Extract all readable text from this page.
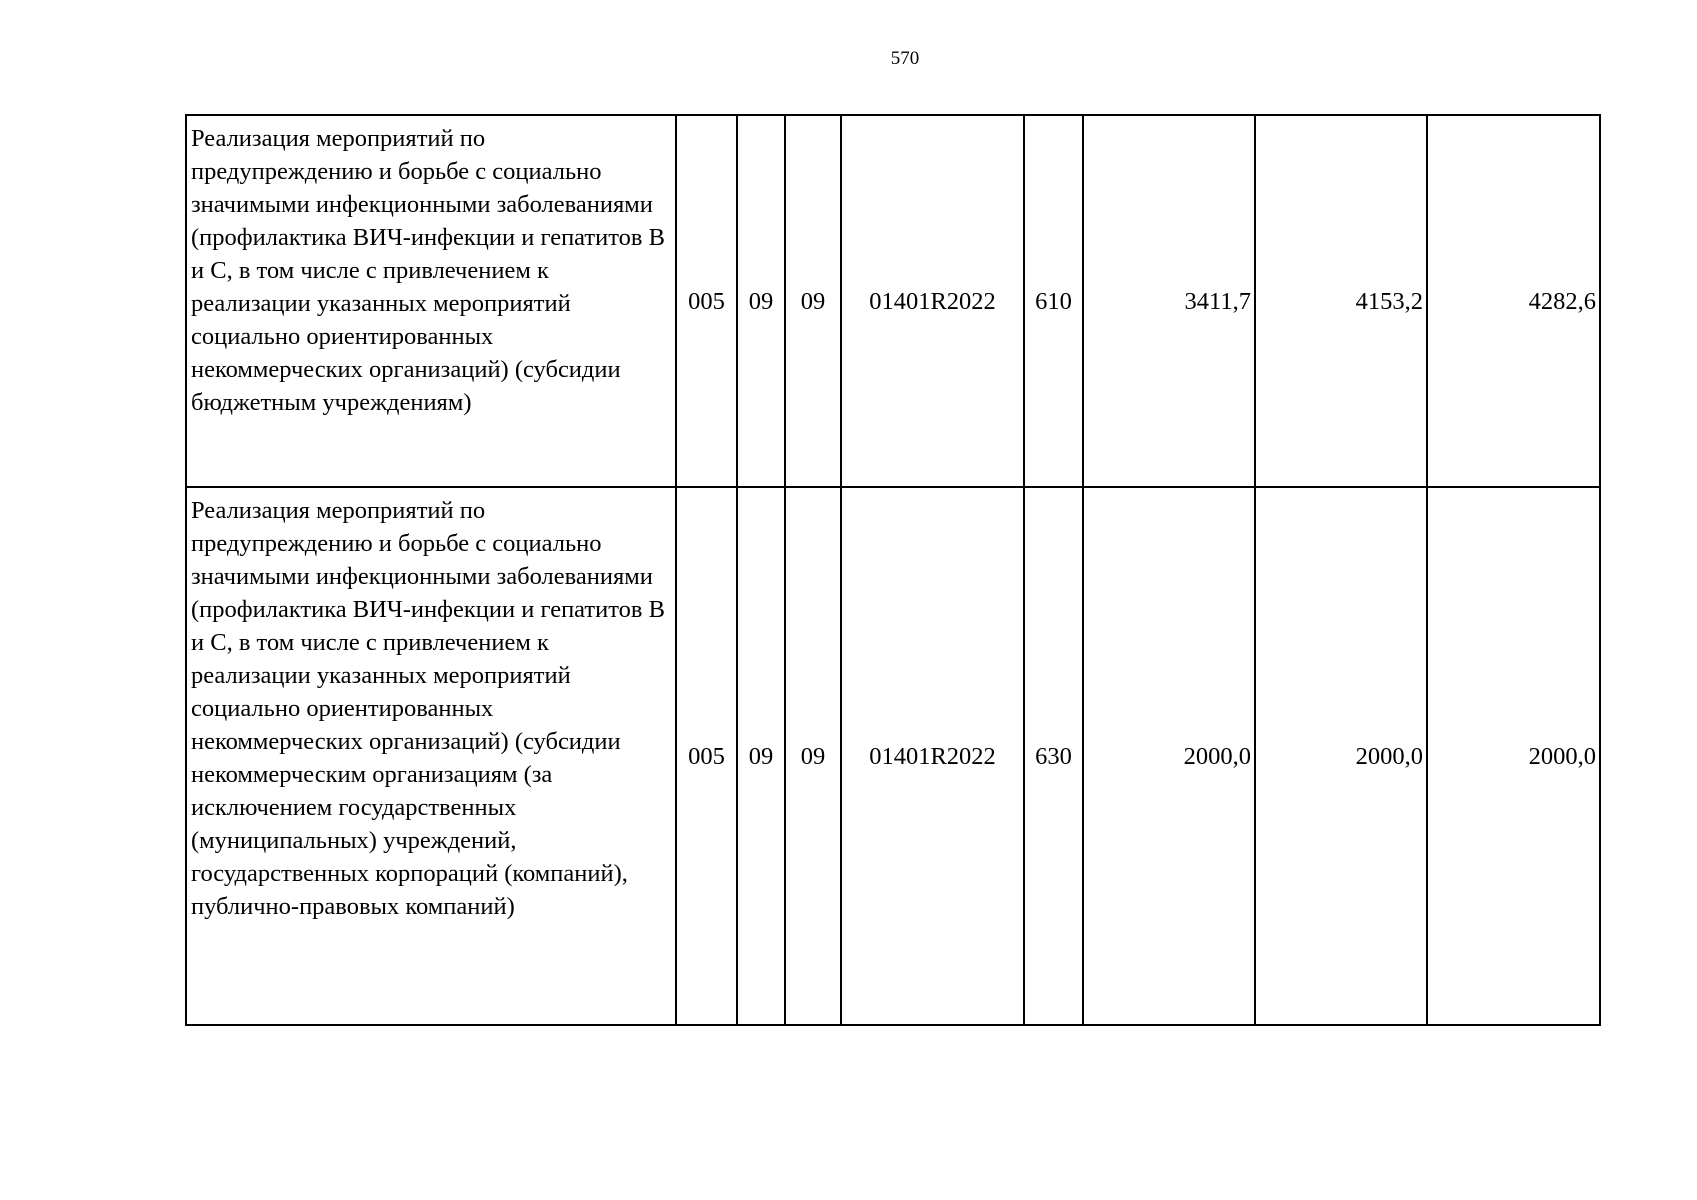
570
Реализация мероприятий по предупреждению и борьбе с социально значимыми инфекционными заболеваниями (профилактика ВИЧ-инфекции и гепатитов В и С, в том числе с привлечением к реализации указанных мероприятий социально ориентированных некоммерческих организаций) (субсидии бюджетным учреждениям)	005	09	09	01401R2022	610	3411,7	4153,2	4282,6
Реализация мероприятий по предупреждению и борьбе с социально значимыми инфекционными заболеваниями (профилактика ВИЧ-инфекции и гепатитов В и С, в том числе с привлечением к реализации указанных мероприятий социально ориентированных некоммерческих организаций) (субсидии некоммерческим организациям (за исключением государственных (муниципальных) учреждений, государственных корпораций (компаний), публично-правовых компаний)	005	09	09	01401R2022	630	2000,0	2000,0	2000,0
